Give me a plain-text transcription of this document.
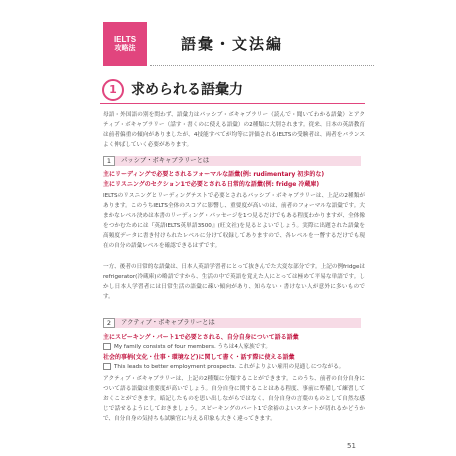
IELTS
攻略法	語彙・文法編
1	求められる語彙力

母語・外国語の別を問わず、語彙力はパッシブ・ボキャブラリー（読んで・聞いてわかる語彙）とアクティブ・ボキャブラリー（話す・書くのに使える語彙）の2種類に大別されます。従来、日本の英語教育は前者偏重の傾向がありましたが、4技能すべてが均等に評価されるIELTSの受験者は、両者をバランスよく伸ばしていく必要があります。

1 パッシブ・ボキャブラリーとは
主にリーディングで必要とされるフォーマルな語彙(例: rudimentary 初歩的な)
主にリスニングのセクション1で必要とされる日常的な語彙(例: fridge 冷蔵庫)

IELTSのリスニングとリーディングテストで必要とされるパッシブ・ボキャブラリーは、上記の2種類があります。このうちIELTS全体のスコアに影響し、重要度が高いのは、前者のフォーマルな語彙です。大まかなレベル決めは本書のリーディング・パッセージを1つ見るだけでもある程度わかりますが、全体像をつかむためには『英語IELTS英単語3500』(旺文社)を見るとよいでしょう。実際に出題された語彙を高頻度データに書き付けられたレベルに分けて収録してありますので、各レベルを一瞥するだけでも現在の自分の語彙レベルを確認できるはずです。

一方、後者の日常的な語彙は、日本人英語学習者にとって抜きんでた大変な部分です。上記の例fridgeはrefrigerator(冷蔵庫)の略語ですから、生活の中で英語を覚えた人にとっては極めて平易な単語です。しかし日本人学習者には日常生活の語彙に疎い傾向があり、知らない・書けない人が意外に多いものです。

2 アクティブ・ボキャブラリーとは
主にスピーキング・パート1で必要とされる、自分自身について語る語彙
My family consists of four members. うちは4人家族です。
社会的事柄(文化・仕事・環境など)に関して書く・話す際に使える語彙
This leads to better employment prospects. これがよりよい雇用の見通しにつながる。

アクティブ・ボキャブラリーは、上記の2種類に分類することができます。このうち、前者の自分自身について語る語彙は重要度が高いでしょう。自分自身に関することはある程度、事前に準備して練習しておくことができます。暗記したものを思い出しながらではなく、自分自身の言葉のものとして自然な感じで話せるようにしておきましょう。スピーキングのパート1で余裕のよいスタートが切れるかどうかで、自分自身の気持ちも試験官に与える印象も大きく違ってきます。

51
